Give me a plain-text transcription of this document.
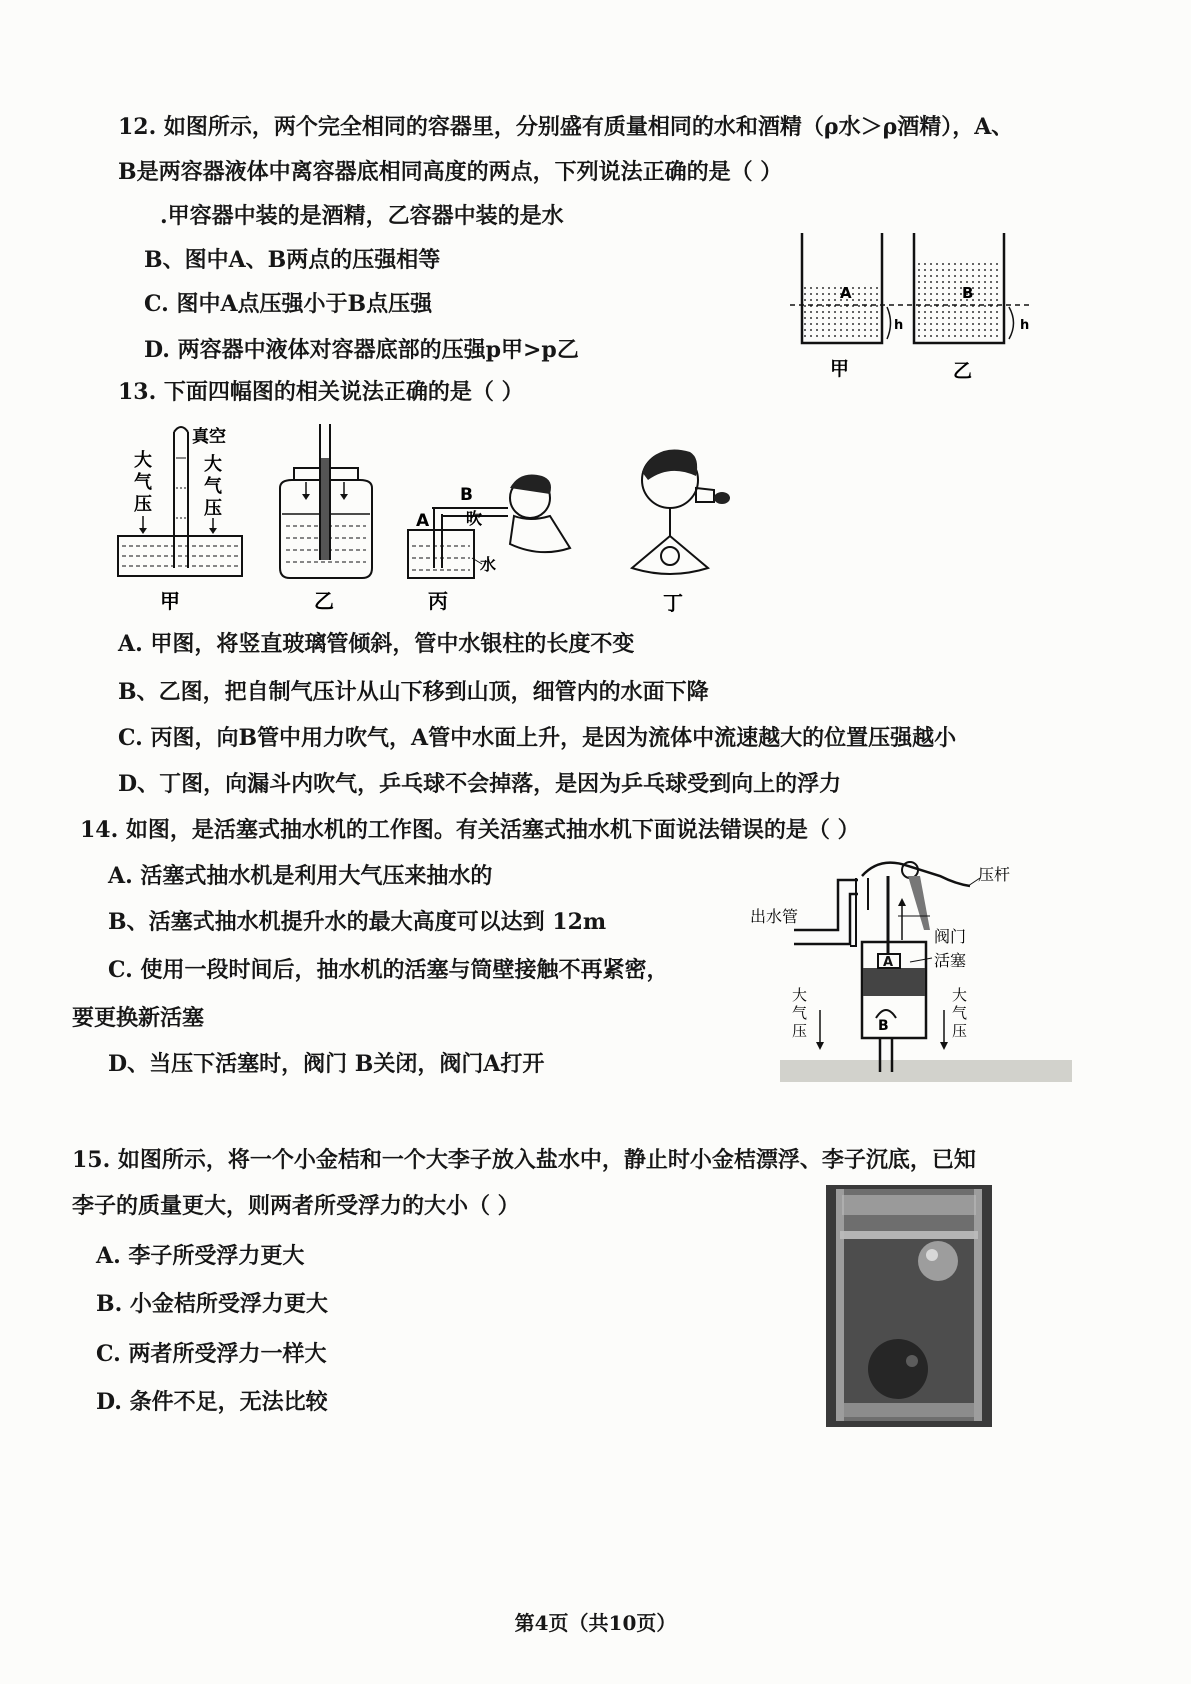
12. 如图所示，两个完全相同的容器里，分别盛有质量相同的水和酒精（ρ水＞ρ酒精），A、
B是两容器液体中离容器底相同高度的两点，下列说法正确的是（ ）
.甲容器中装的是酒精，乙容器中装的是水
B、图中A、B两点的压强相等
C. 图中A点压强小于B点压强
D. 两容器中液体对容器底部的压强p甲>p乙
A	B
h	h
甲	乙
13. 下面四幅图的相关说法正确的是（ ）
真空
大
气
压
大
气
压
甲	乙
A
B
吹
水
丙	丁
A. 甲图，将竖直玻璃管倾斜，管中水银柱的长度不变
B、乙图，把自制气压计从山下移到山顶，细管内的水面下降
C. 丙图，向B管中用力吹气，A管中水面上升，是因为流体中流速越大的位置压强越小
D、丁图，向漏斗内吹气，乒乓球不会掉落，是因为乒乓球受到向上的浮力
14. 如图，是活塞式抽水机的工作图。有关活塞式抽水机下面说法错误的是（ ）
A. 活塞式抽水机是利用大气压来抽水的
B、活塞式抽水机提升水的最大高度可以达到 12m
C. 使用一段时间后，抽水机的活塞与筒壁接触不再紧密，
要更换新活塞
D、当压下活塞时，阀门 B关闭，阀门A打开
压杆
出水管
阀门
活塞
A
B
大
气
压
大
气
压
15. 如图所示，将一个小金桔和一个大李子放入盐水中，静止时小金桔漂浮、李子沉底，已知
李子的质量更大，则两者所受浮力的大小（ ）
A. 李子所受浮力更大
B. 小金桔所受浮力更大
C. 两者所受浮力一样大
D. 条件不足，无法比较
第4页（共10页）
